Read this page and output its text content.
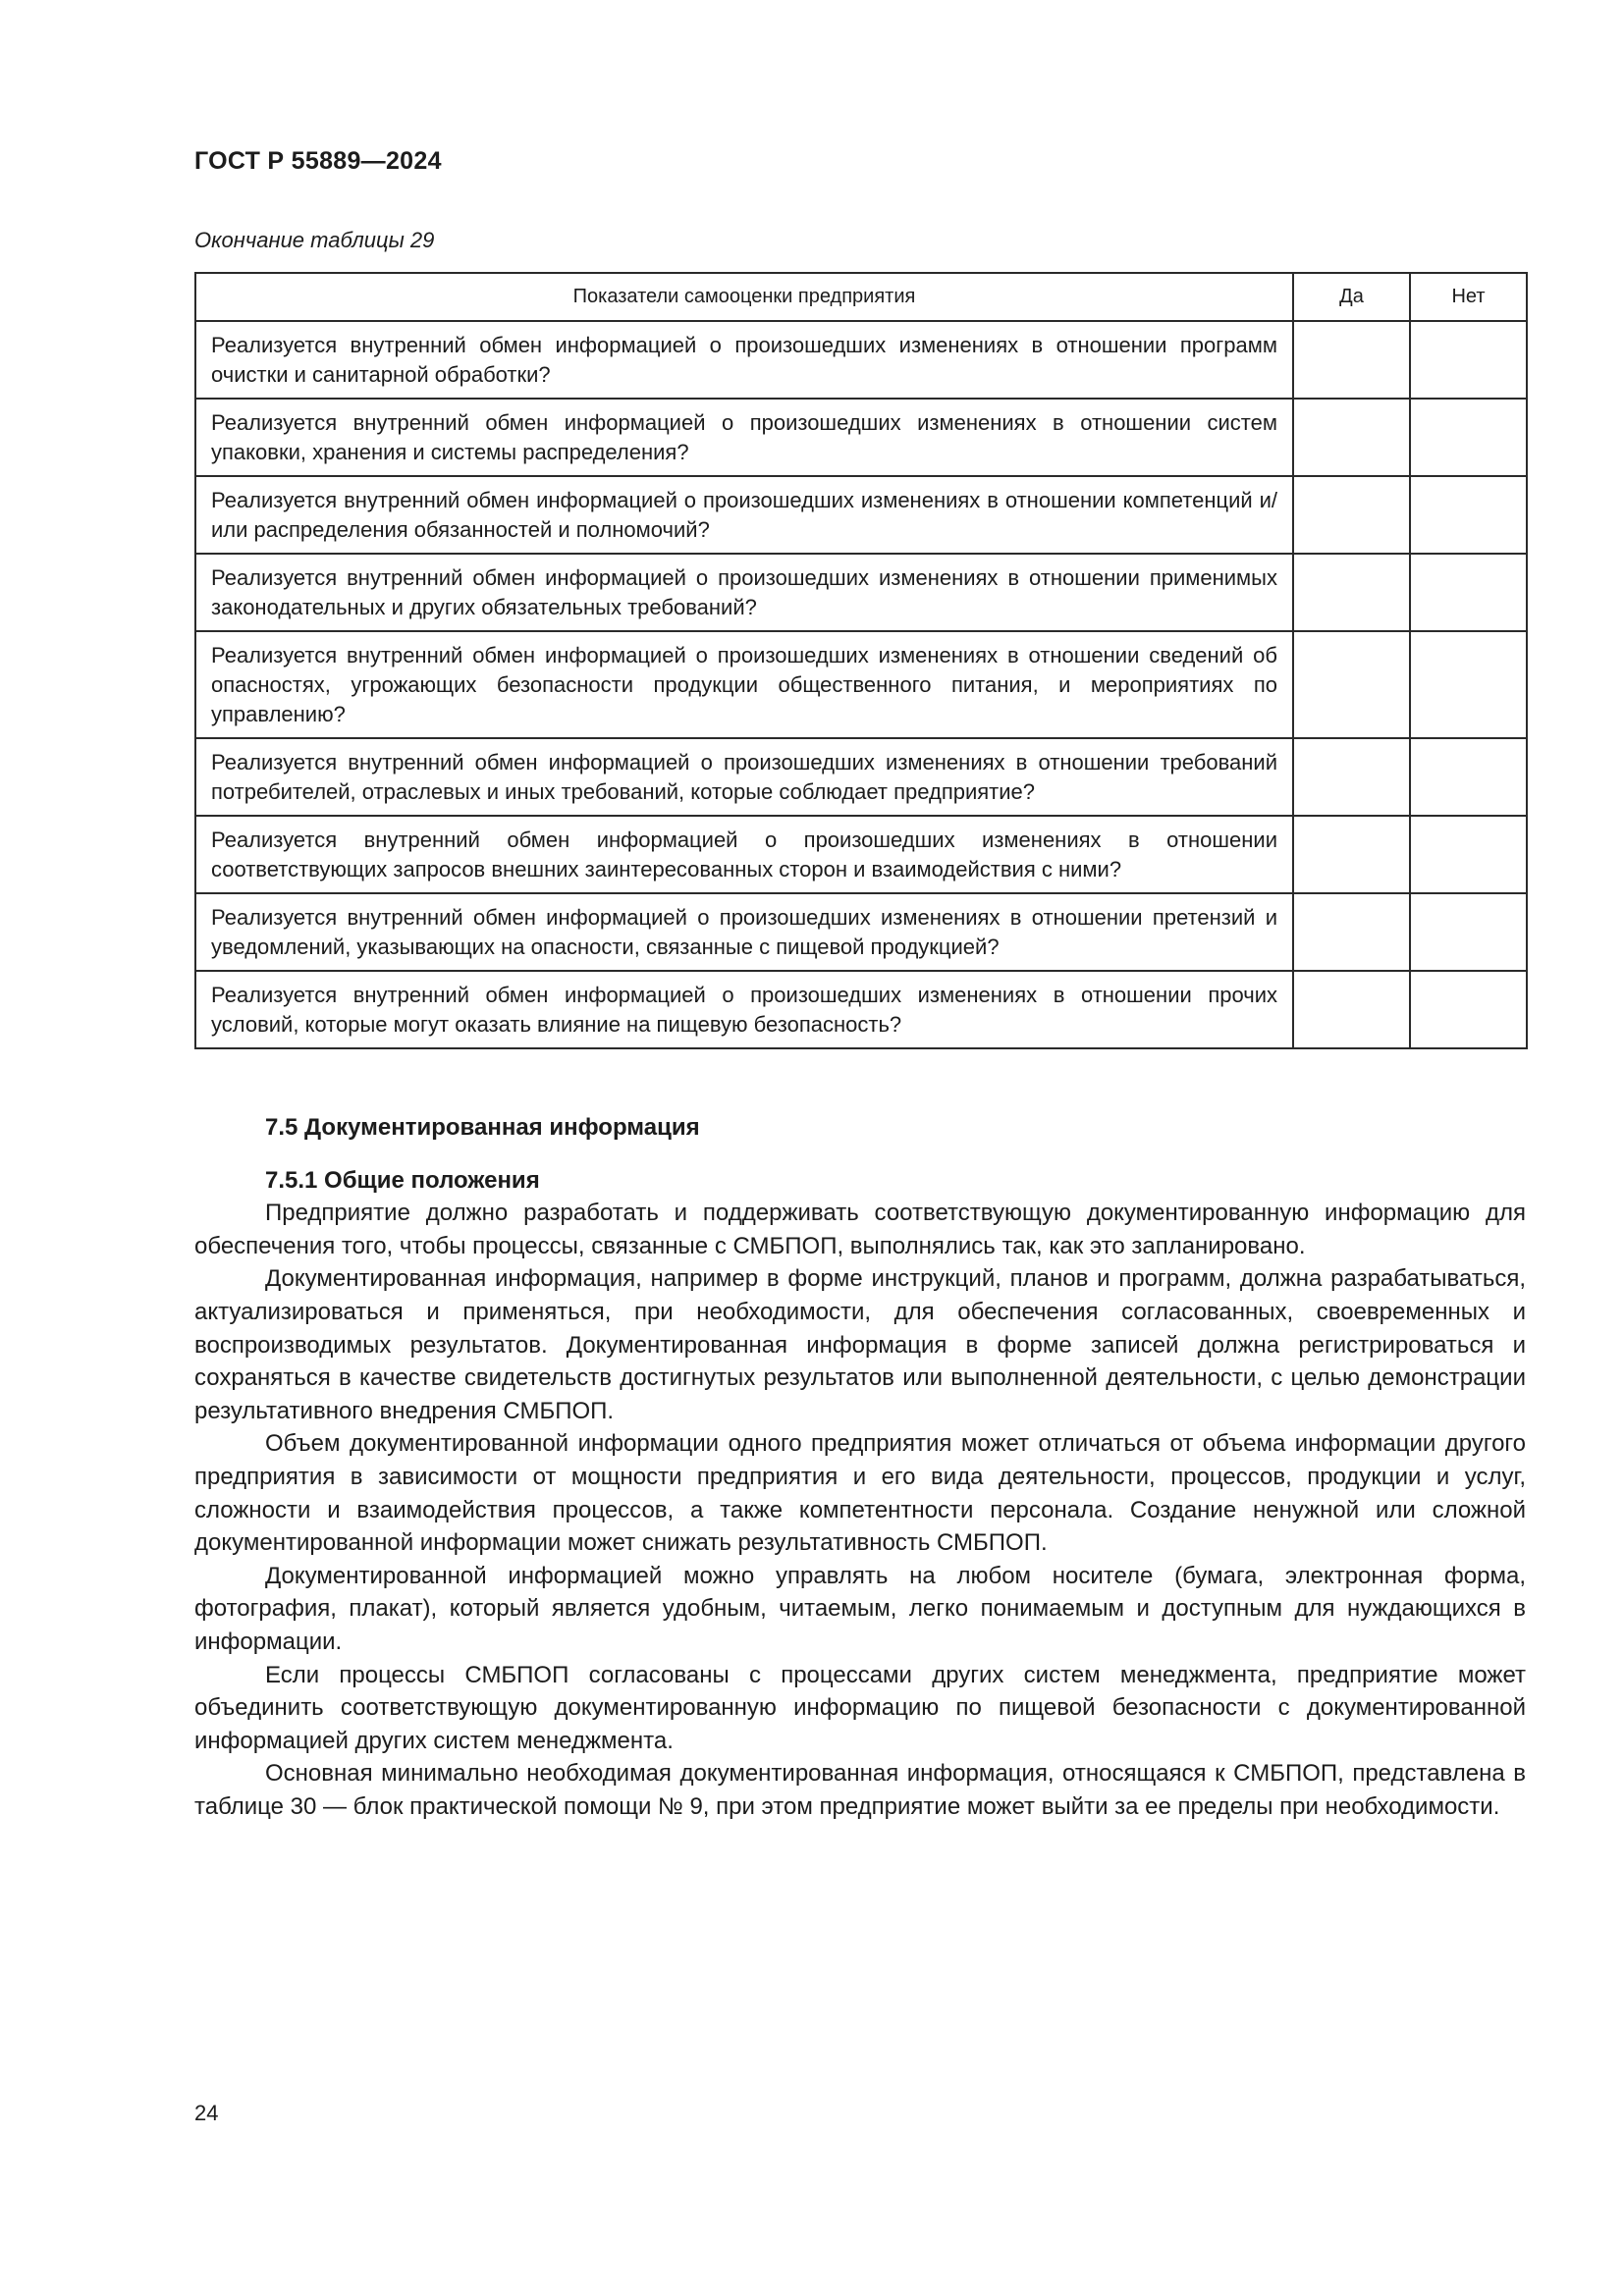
ГОСТ Р 55889—2024
Окончание таблицы 29
Показатели самооценки предприятия	Да	Нет
Реализуется внутренний обмен информацией о произошедших изменениях в отношении программ очистки и санитарной обработки?		
Реализуется внутренний обмен информацией о произошедших изменениях в отношении систем упаковки, хранения и системы распределения?		
Реализуется внутренний обмен информацией о произошедших изменениях в отношении компетенций и/или распределения обязанностей и полномочий?		
Реализуется внутренний обмен информацией о произошедших изменениях в отношении применимых законодательных и других обязательных требований?		
Реализуется внутренний обмен информацией о произошедших изменениях в отношении сведений об опасностях, угрожающих безопасности продукции общественного питания, и мероприятиях по управлению?		
Реализуется внутренний обмен информацией о произошедших изменениях в отношении требований потребителей, отраслевых и иных требований, которые соблюдает предприятие?		
Реализуется внутренний обмен информацией о произошедших изменениях в отношении соответствующих запросов внешних заинтересованных сторон и взаимодействия с ними?		
Реализуется внутренний обмен информацией о произошедших изменениях в отношении претензий и уведомлений, указывающих на опасности, связанные с пищевой продукцией?		
Реализуется внутренний обмен информацией о произошедших изменениях в отношении прочих условий, которые могут оказать влияние на пищевую безопасность?		
7.5 Документированная информация
7.5.1 Общие положения

Предприятие должно разработать и поддерживать соответствующую документированную информацию для обеспечения того, чтобы процессы, связанные с СМБПОП, выполнялись так, как это запланировано.

Документированная информация, например в форме инструкций, планов и программ, должна разрабатываться, актуализироваться и применяться, при необходимости, для обеспечения согласованных, своевременных и воспроизводимых результатов. Документированная информация в форме записей должна регистрироваться и сохраняться в качестве свидетельств достигнутых результатов или выполненной деятельности, с целью демонстрации результативного внедрения СМБПОП.

Объем документированной информации одного предприятия может отличаться от объема информации другого предприятия в зависимости от мощности предприятия и его вида деятельности, процессов, продукции и услуг, сложности и взаимодействия процессов, а также компетентности персонала. Создание ненужной или сложной документированной информации может снижать результативность СМБПОП.

Документированной информацией можно управлять на любом носителе (бумага, электронная форма, фотография, плакат), который является удобным, читаемым, легко понимаемым и доступным для нуждающихся в информации.

Если процессы СМБПОП согласованы с процессами других систем менеджмента, предприятие может объединить соответствующую документированную информацию по пищевой безопасности с документированной информацией других систем менеджмента.

Основная минимально необходимая документированная информация, относящаяся к СМБПОП, представлена в таблице 30 — блок практической помощи № 9, при этом предприятие может выйти за ее пределы при необходимости.

24
